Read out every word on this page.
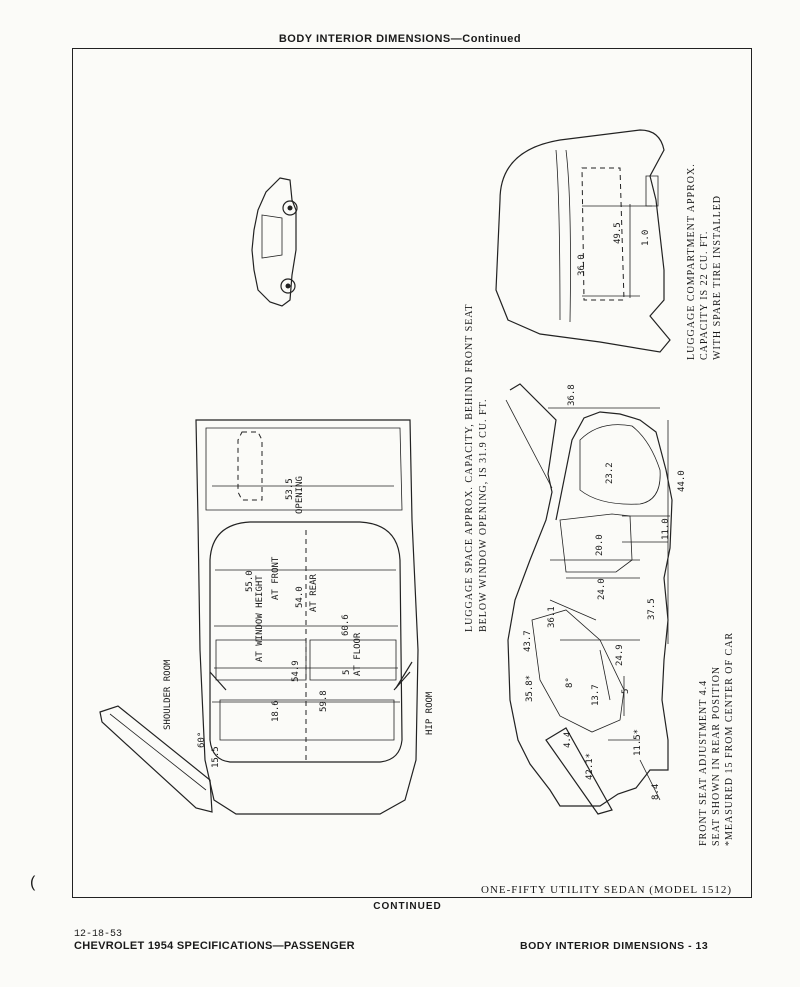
BODY INTERIOR DIMENSIONS—Continued
SHOULDER ROOM	HIP ROOM
53.5 OPENING
55.0 AT WINDOW HEIGHT AT FRONT 54.0 AT REAR
60.6
AT FLOOR
54.9
59.8
18.6
5
60°
15.5
LUGGAGE SPACE APPROX. CAPACITY, BEHIND FRONT SEAT BELOW WINDOW OPENING, IS 31.9 CU. FT.
36.8
23.2	44.0
11.0
20.0
24.0
36.1	37.5
43.7
35.8*
24.9
8°
13.7 5
4.4	11.5*
42.1*
8.4
36.0
49.5 1.0	LUGGAGE COMPARTMENT APPROX. CAPACITY IS 22 CU. FT. WITH SPARE TIRE INSTALLED
FRONT SEAT ADJUSTMENT 4.4 SEAT SHOWN IN REAR POSITION *MEASURED 15 FROM CENTER OF CAR
ONE-FIFTY UTILITY SEDAN (MODEL 1512)
CONTINUED
(
12-18-53
CHEVROLET 1954 SPECIFICATIONS—PASSENGER	BODY INTERIOR DIMENSIONS - 13
